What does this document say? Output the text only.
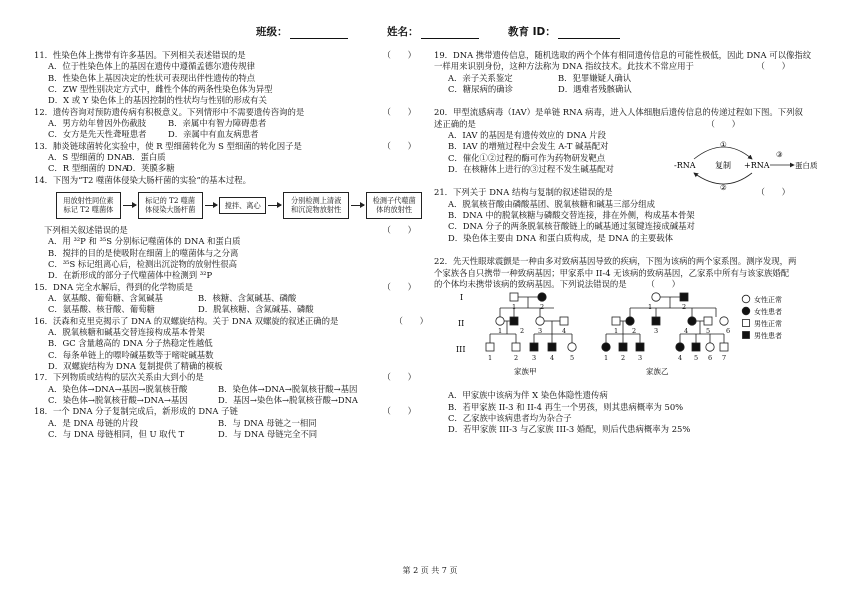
班级：	姓名：	教育 ID：
11．性染色体上携带有许多基因。下列相关表述错误的是	（　　）
A．位于性染色体上的基因在遗传中遵循孟德尔遗传规律
B．性染色体上基因决定的性状可表现出伴性遗传的特点
C．ZW 型性别决定方式中，雌性个体的两条性染色体为异型
D．X 或 Y 染色体上的基因控制的性状均与性别的形成有关
12．遗传咨询对预防遗传病有积极意义。下列情形中不需要遗传咨询的是	（　　）
A．男方幼年曾因外伤截肢	B．亲属中有智力障碍患者
C．女方是先天性聋哑患者	D．亲属中有血友病患者
13．肺炎链球菌转化实验中，使 R 型细菌转化为 S 型细菌的转化因子是	（　　）
A．S 型细菌的 DNA
B．蛋白质
C．R 型细菌的 DNA
D．荚膜多糖
14．下图为“T2 噬菌体侵染大肠杆菌的实验”的基本过程。
用放射性同位素标记 T2 噬菌体
标记的 T2 噬菌体侵染大肠杆菌
搅拌、离心
分别检测上清液和沉淀物放射性
检测子代噬菌体的放射性
下列相关叙述错误的是	（　　）
A．用 ³²P 和 ³⁵S 分别标记噬菌体的 DNA 和蛋白质
B．搅拌的目的是使吸附在细菌上的噬菌体与之分离
C．³⁵S 标记组离心后，检测出沉淀物的放射性很高
D．在新形成的部分子代噬菌体中检测到 ³²P
15．DNA 完全水解后，得到的化学物质是	（　　）
A．氨基酸、葡萄糖、含氮碱基	B．核糖、含氮碱基、磷酸
C．氨基酸、核苷酸、葡萄糖	D．脱氧核糖、含氮碱基、磷酸
16．沃森和克里克揭示了 DNA 的双螺旋结构。关于 DNA 双螺旋的叙述正确的是	（　　）
A．脱氧核糖和碱基交替连接构成基本骨架
B．GC 含量越高的 DNA 分子热稳定性越低
C．每条单链上的嘌呤碱基数等于嘧啶碱基数
D．双螺旋结构为 DNA 复制提供了精确的模板
17．下列物质或结构的层次关系由大到小的是	（　　）
A．染色体→DNA→基因→脱氧核苷酸	B．染色体→DNA→脱氧核苷酸→基因
C．染色体→脱氧核苷酸→DNA→基因	D．基因→染色体→脱氧核苷酸→DNA
18．一个 DNA 分子复制完成后，新形成的 DNA 子链	（　　）
A．是 DNA 母链的片段	B．与 DNA 母链之一相同
C．与 DNA 母链相同，但 U 取代 T	D．与 DNA 母链完全不同
19．DNA 携带遗传信息，随机选取的两个个体有相同遗传信息的可能性极低，因此 DNA 可以像指纹
一样用来识别身份，这种方法称为 DNA 指纹技术。此技术不常应用于	（　　）
A．亲子关系鉴定	B．犯罪嫌疑人确认
C．糖尿病的确诊	D．遇难者残骸确认
20．甲型流感病毒（IAV）是单链 RNA 病毒，进入人体细胞后遗传信息的传递过程如下图。下列叙
述正确的是	（　　）
A．IAV 的基因是有遗传效应的 DNA 片段
B．IAV 的增殖过程中会发生 A-T 碱基配对
C．催化①②过程的酶可作为药物研发靶点
D．在核糖体上进行的③过程不发生碱基配对	-RNA 复制 +RNA
①
②
③
蛋白质
21．下列关于 DNA 结构与复制的叙述错误的是	（　　）
A．脱氧核苷酸由磷酸基团、脱氧核糖和碱基三部分组成
B．DNA 中的脱氧核糖与磷酸交替连接，排在外侧，构成基本骨架
C．DNA 分子的两条脱氧核苷酸链上的碱基通过氢键连接成碱基对
D．染色体主要由 DNA 和蛋白质构成，是 DNA 的主要载体
22．先天性眼球震颤是一种由多对致病基因导致的疾病，下图为该病的两个家系图。测序发现，两
个家族各自只携带一种致病基因；甲家系中 II-4 无该病的致病基因，乙家系中所有与该家族婚配
的个体均未携带该病的致病基因。下列说法错误的是 （　　）
I
II
III
1	2
1	2 3	4
1	2 3 4 5
家族甲
1	2
1 2	3	4	5 6
1 2 3	4 5 6 7
家族乙
女性正常
女性患者
男性正常
男性患者
A．甲家族中该病为伴 X 染色体隐性遗传病
B．若甲家族 II-3 和 II-4 再生一个男孩，则其患病概率为 50%
C．乙家族中该病患者均为杂合子
D．若甲家族 III-3 与乙家族 III-3 婚配，则后代患病概率为 25%
第 2 页 共 7 页
